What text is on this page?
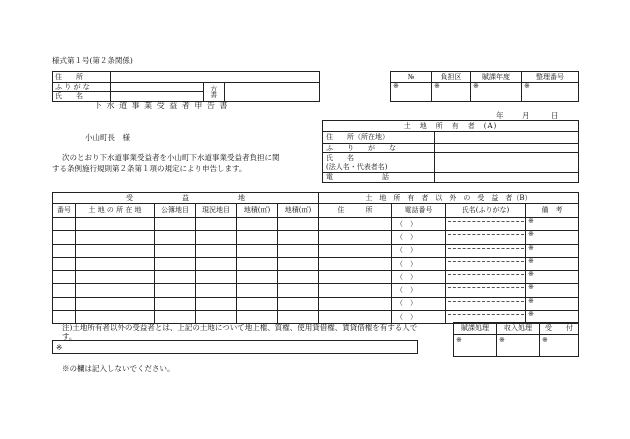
様式第１号(第２条関係)
住　　所			
ふ り が な		方　　書	
氏　　名			
№	負担区	賦課年度	整理番号
※	※	※	※
下 水 道 事 業 受 益 者 申 告 書
年 月	日
小山町長　様
次のとおり下水道事業受益者を小山町下水道事業受益者負担に関
する条例施行規則第２条第１項の規定により申告します。
土　地　所　有　者　(A)	
住　　所（所在地）	
ふ　　り　　が　　な	

氏　　名
(法人名・代表者名)	

電　　　　　　　話	
受　　　　　　　益　　　　　　　地						土　地　所　有　者　以　外　の　受　益　者（B）			
番号	土 地 の 所 在 地	公簿地目	現況地目	地積(㎡)	地積(㎡)	住　　　所	電話番号	氏名(ふりがな)	備　考
							（　）		※
							（　）		※
							（　）		※
							（　）		※
							（　）		※
							（　）		※
							（　）		※
							（　）		※
注)土地所有者以外の受益者とは、上記の土地について地上権、質権、使用貸借権、賃貸借権を有する人で
す。
※
賦課処理	収入処理	受　　付
※	※	※
※の欄は記入しないでください。
